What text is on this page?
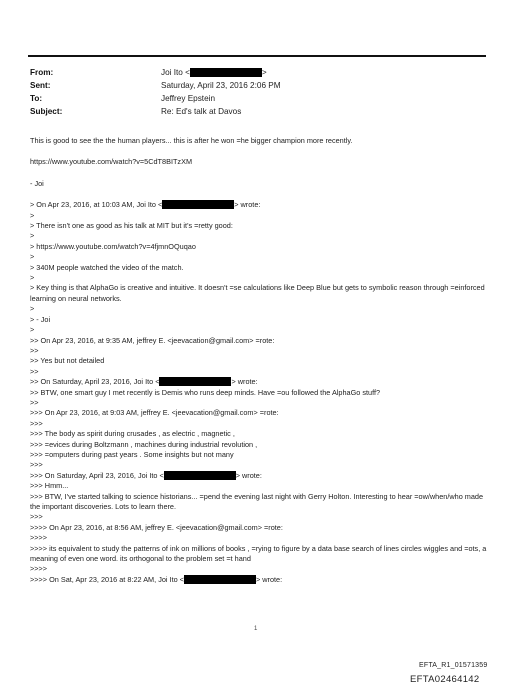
From:	Joi Ito <	>
Sent:	Saturday, April 23, 2016 2:06 PM
To:	Jeffrey Epstein
Subject:	Re: Ed's talk at Davos
This is good to see the the human players... this is after he won =he bigger champion more recently.
https://www.youtube.com/watch?v=5CdT8BITzXM
- Joi
> On Apr 23, 2016, at 10:03 AM, Joi Ito <	> wrote:
>
> There isn't one as good as his talk at MIT but it's =retty good:
>
> https://www.youtube.com/watch?v=4fjmnOQuqao
>
> 340M people watched the video of the match.
>
> Key thing is that AlphaGo is creative and intuitive. It doesn't =se calculations like Deep Blue but gets to symbolic reason through =einforced learning on neural networks.
>
> - Joi
>
>> On Apr 23, 2016, at 9:35 AM, jeffrey E. <jeevacation@gmail.com> =rote:
>>
>> Yes but not detailed
>>
>> On Saturday, April 23, 2016, Joi Ito <	> wrote:
>> BTW, one smart guy I met recently is Demis who runs deep minds. Have =ou followed the AlphaGo stuff?
>>
>>> On Apr 23, 2016, at 9:03 AM, jeffrey E. <jeevacation@gmail.com> =rote:
>>>
>>> The body as spirit during crusades , as electric , magnetic ,
>>> =evices during Boltzmann , machines during industrial revolution ,
>>> =omputers during past years . Some insights but not many
>>>
>>> On Saturday, April 23, 2016, Joi Ito <	> wrote:
>>> Hmm...
>>> BTW, I've started talking to science historians... =pend the evening last night with Gerry Holton. Interesting to hear =ow/when/who made the important discoveries. Lots to learn there.
>>>
>>>> On Apr 23, 2016, at 8:56 AM, jeffrey E. <jeevacation@gmail.com> =rote:
>>>>
>>>> its equivalent to study the patterns of ink on millions of books , =rying to figure by a data base search of lines circles wiggles and =ots, a meaning of even one word. its orthogonal to the problem set =t hand
>>>>
>>>> On Sat, Apr 23, 2016 at 8:22 AM, Joi Ito <	> wrote:
1
EFTA_R1_01571359
EFTA02464142
